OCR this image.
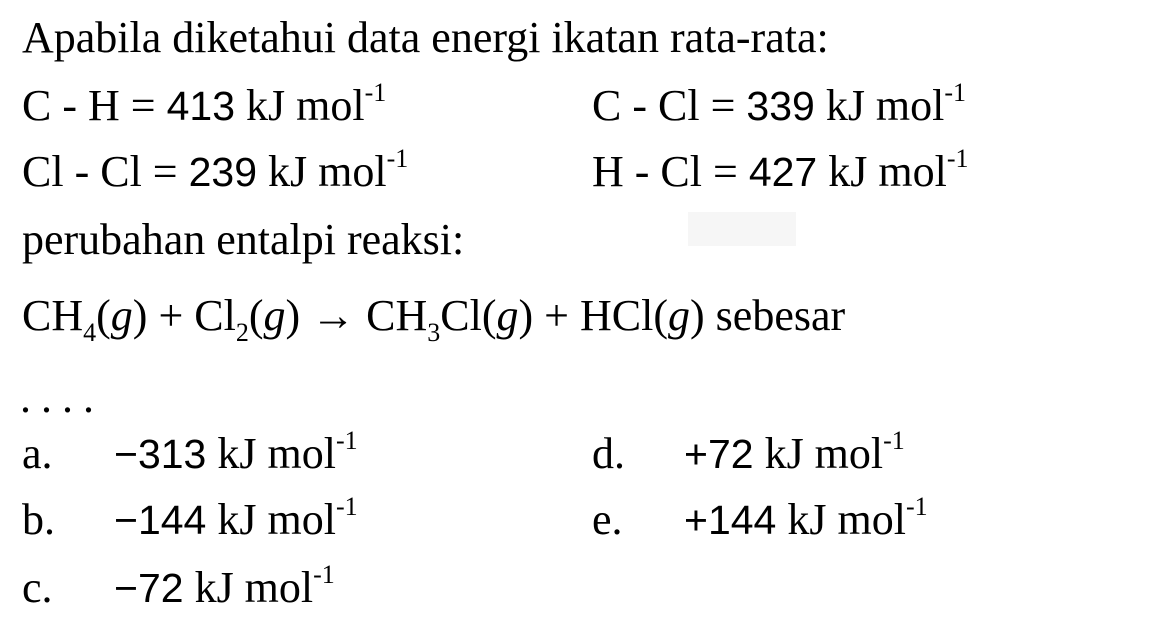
Apabila diketahui data energi ikatan rata-rata:
C - H = 413 kJ mol$^{-1}$	C - Cl = 339 kJ mol$^{-1}$
Cl - Cl = 239 kJ mol$^{-1}$	H - Cl = 427 kJ mol$^{-1}$
perubahan entalpi reaksi:
$CH_4(g) + Cl_2(g) \to CH_3Cl(g) + HCl(g)$ sebesar
....
a. −313 kJ mol$^{-1}$
b. −144 kJ mol$^{-1}$
c. −72 kJ mol$^{-1}$
d. +72 kJ mol$^{-1}$
e. +144 kJ mol$^{-1}$
